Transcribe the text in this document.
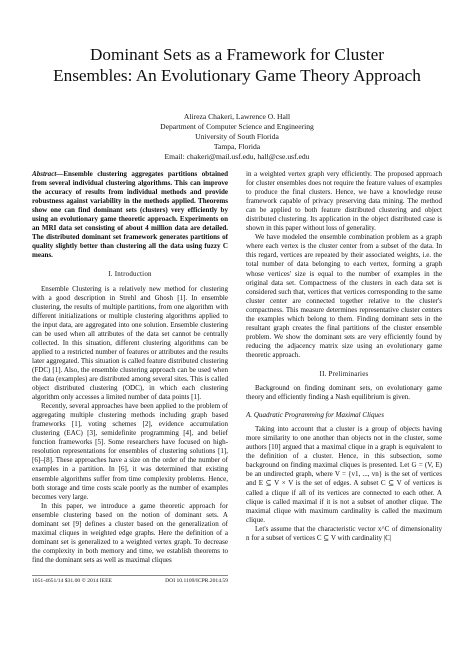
Dominant Sets as a Framework for Cluster
Ensembles: An Evolutionary Game Theory Approach
Alireza Chakeri, Lawrence O. Hall
Department of Computer Science and Engineering
University of South Florida
Tampa, Florida
Email: chakeri@mail.usf.edu, hall@cse.usf.edu

Abstract—Ensemble clustering aggregates partitions obtained from several individual clustering algorithms. This can improve the accuracy of results from individual methods and provide robustness against variability in the methods applied. Theorems show one can find dominant sets (clusters) very efficiently by using an evolutionary game theoretic approach. Experiments on an MRI data set consisting of about 4 million data are detailed. The distributed dominant set framework generates partitions of quality slightly better than clustering all the data using fuzzy C means.

I. Introduction

Ensemble Clustering is a relatively new method for clustering with a good description in Strehl and Ghosh [1]. In ensemble clustering, the results of multiple partitions, from one algorithm with different initializations or multiple clustering algorithms applied to the input data, are aggregated into one solution. Ensemble clustering can be used when all attributes of the data set cannot be centrally collected. In this situation, different clustering algorithms can be applied to a restricted number of features or attributes and the results later aggregated. This situation is called feature distributed clustering (FDC) [1]. Also, the ensemble clustering approach can be used when the data (examples) are distributed among several sites. This is called object distributed clustering (ODC), in which each clustering algorithm only accesses a limited number of data points [1].

Recently, several approaches have been applied to the problem of aggregating multiple clustering methods including graph based frameworks [1], voting schemes [2], evidence accumulation clustering (EAC) [3], semidefinite programming [4], and belief function frameworks [5]. Some researchers have focused on high-resolution representations for ensembles of clustering solutions [1], [6]–[8]. These approaches have a size on the order of the number of examples in a partition. In [6], it was determined that existing ensemble algorithms suffer from time complexity problems. Hence, both storage and time costs scale poorly as the number of examples becomes very large.

In this paper, we introduce a game theoretic approach for ensemble clustering based on the notion of dominant sets. A dominant set [9] defines a cluster based on the generalization of maximal cliques in weighted edge graphs. Here the definition of a dominant set is generalized to a weighted vertex graph. To decrease the complexity in both memory and time, we establish theorems to find the dominant sets as well as maximal cliques

in a weighted vertex graph very efficiently. The proposed approach for cluster ensembles does not require the feature values of examples to produce the final clusters. Hence, we have a knowledge reuse framework capable of privacy preserving data mining. The method can be applied to both feature distributed clustering and object distributed clustering. Its application in the object distributed case is shown in this paper without loss of generality.

We have modeled the ensemble combination problem as a graph where each vertex is the cluster center from a subset of the data. In this regard, vertices are repeated by their associated weights, i.e. the total number of data belonging to each vertex, forming a graph whose vertices' size is equal to the number of examples in the original data set. Compactness of the clusters in each data set is considered such that, vertices that vertices corresponding to the same cluster center are connected together relative to the cluster's compactness. This measure determines representative cluster centers the examples which belong to them. Finding dominant sets in the resultant graph creates the final partitions of the cluster ensemble problem. We show the dominant sets are very efficiently found by reducing the adjacency matrix size using an evolutionary game theoretic approach.

II. Preliminaries

Background on finding dominant sets, on evolutionary game theory and efficiently finding a Nash equilibrium is given.

A. Quadratic Programming for Maximal Cliques

Taking into account that a cluster is a group of objects having more similarity to one another than objects not in the cluster, some authors [10] argued that a maximal clique in a graph is equivalent to the definition of a cluster. Hence, in this subsection, some background on finding maximal cliques is presented. Let G = (V, E) be an undirected graph, where V = {v1, ..., vn} is the set of vertices and E ⊆ V × V is the set of edges. A subset C ⊆ V of vertices is called a clique if all of its vertices are connected to each other. A clique is called maximal if it is not a subset of another clique. The maximal clique with maximum cardinality is called the maximum clique.

Let's assume that the characteristic vector x^C of dimensionality n for a subset of vertices C ⊆ V with cardinality |C|

1051-4651/14 $31.00 © 2014 IEEE	DOI 10.1109/ICPR.2014.59
